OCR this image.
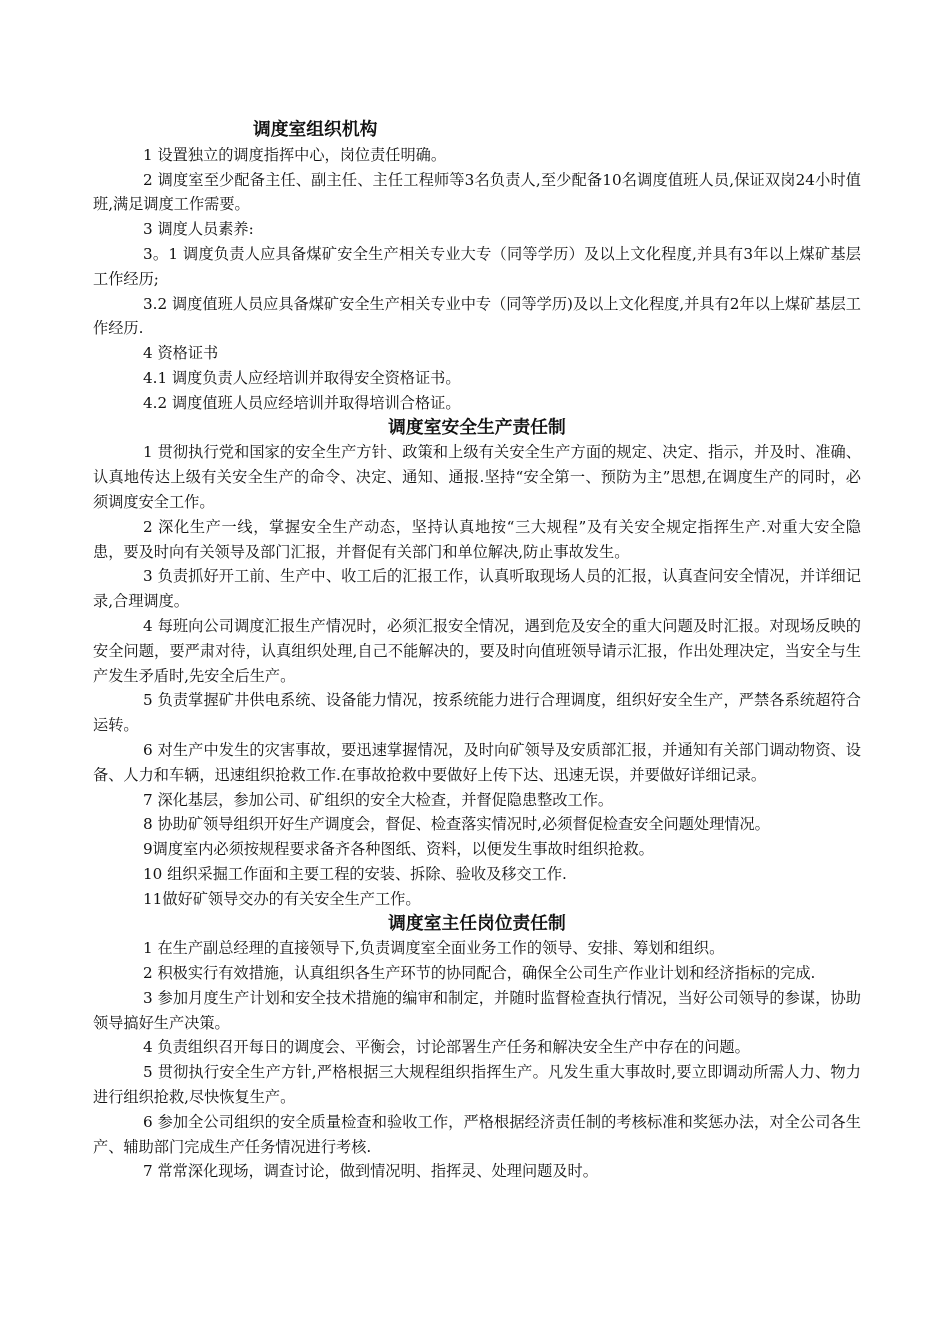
调度室组织机构

1 设置独立的调度指挥中心，岗位责任明确。

2 调度室至少配备主任、副主任、主任工程师等3名负责人,至少配备10名调度值班人员,保证双岗24小时值班,满足调度工作需要。

3 调度人员素养:

3。1 调度负责人应具备煤矿安全生产相关专业大专（同等学历）及以上文化程度,并具有3年以上煤矿基层工作经历;

3.2 调度值班人员应具备煤矿安全生产相关专业中专（同等学历)及以上文化程度,并具有2年以上煤矿基层工作经历.

4 资格证书

4.1 调度负责人应经培训并取得安全资格证书。

4.2 调度值班人员应经培训并取得培训合格证。

调度室安全生产责任制

1 贯彻执行党和国家的安全生产方针、政策和上级有关安全生产方面的规定、决定、指示，并及时、准确、认真地传达上级有关安全生产的命令、决定、通知、通报.坚持“安全第一、预防为主”思想,在调度生产的同时，必须调度安全工作。

2 深化生产一线，掌握安全生产动态，坚持认真地按“三大规程”及有关安全规定指挥生产.对重大安全隐患，要及时向有关领导及部门汇报，并督促有关部门和单位解决,防止事故发生。

3 负责抓好开工前、生产中、收工后的汇报工作，认真听取现场人员的汇报，认真查问安全情况，并详细记录,合理调度。

4 每班向公司调度汇报生产情况时，必须汇报安全情况，遇到危及安全的重大问题及时汇报。对现场反映的安全问题，要严肃对待，认真组织处理,自己不能解决的，要及时向值班领导请示汇报，作出处理决定，当安全与生产发生矛盾时,先安全后生产。

5 负责掌握矿井供电系统、设备能力情况，按系统能力进行合理调度，组织好安全生产，严禁各系统超符合运转。

6 对生产中发生的灾害事故，要迅速掌握情况，及时向矿领导及安质部汇报，并通知有关部门调动物资、设备、人力和车辆，迅速组织抢救工作.在事故抢救中要做好上传下达、迅速无误，并要做好详细记录。

7 深化基层，参加公司、矿组织的安全大检查，并督促隐患整改工作。

8 协助矿领导组织开好生产调度会，督促、检查落实情况时,必须督促检查安全问题处理情况。

9调度室内必须按规程要求备齐各种图纸、资料，以便发生事故时组织抢救。

10 组织采掘工作面和主要工程的安装、拆除、验收及移交工作.

11做好矿领导交办的有关安全生产工作。

调度室主任岗位责任制

1 在生产副总经理的直接领导下,负责调度室全面业务工作的领导、安排、筹划和组织。

2 积极实行有效措施，认真组织各生产环节的协同配合，确保全公司生产作业计划和经济指标的完成.

3 参加月度生产计划和安全技术措施的编审和制定，并随时监督检查执行情况，当好公司领导的参谋，协助领导搞好生产决策。

4 负责组织召开每日的调度会、平衡会，讨论部署生产任务和解决安全生产中存在的问题。

5 贯彻执行安全生产方针,严格根据三大规程组织指挥生产。凡发生重大事故时,要立即调动所需人力、物力进行组织抢救,尽快恢复生产。

6 参加全公司组织的安全质量检查和验收工作，严格根据经济责任制的考核标准和奖惩办法，对全公司各生产、辅助部门完成生产任务情况进行考核.

7 常常深化现场，调查讨论，做到情况明、指挥灵、处理问题及时。
